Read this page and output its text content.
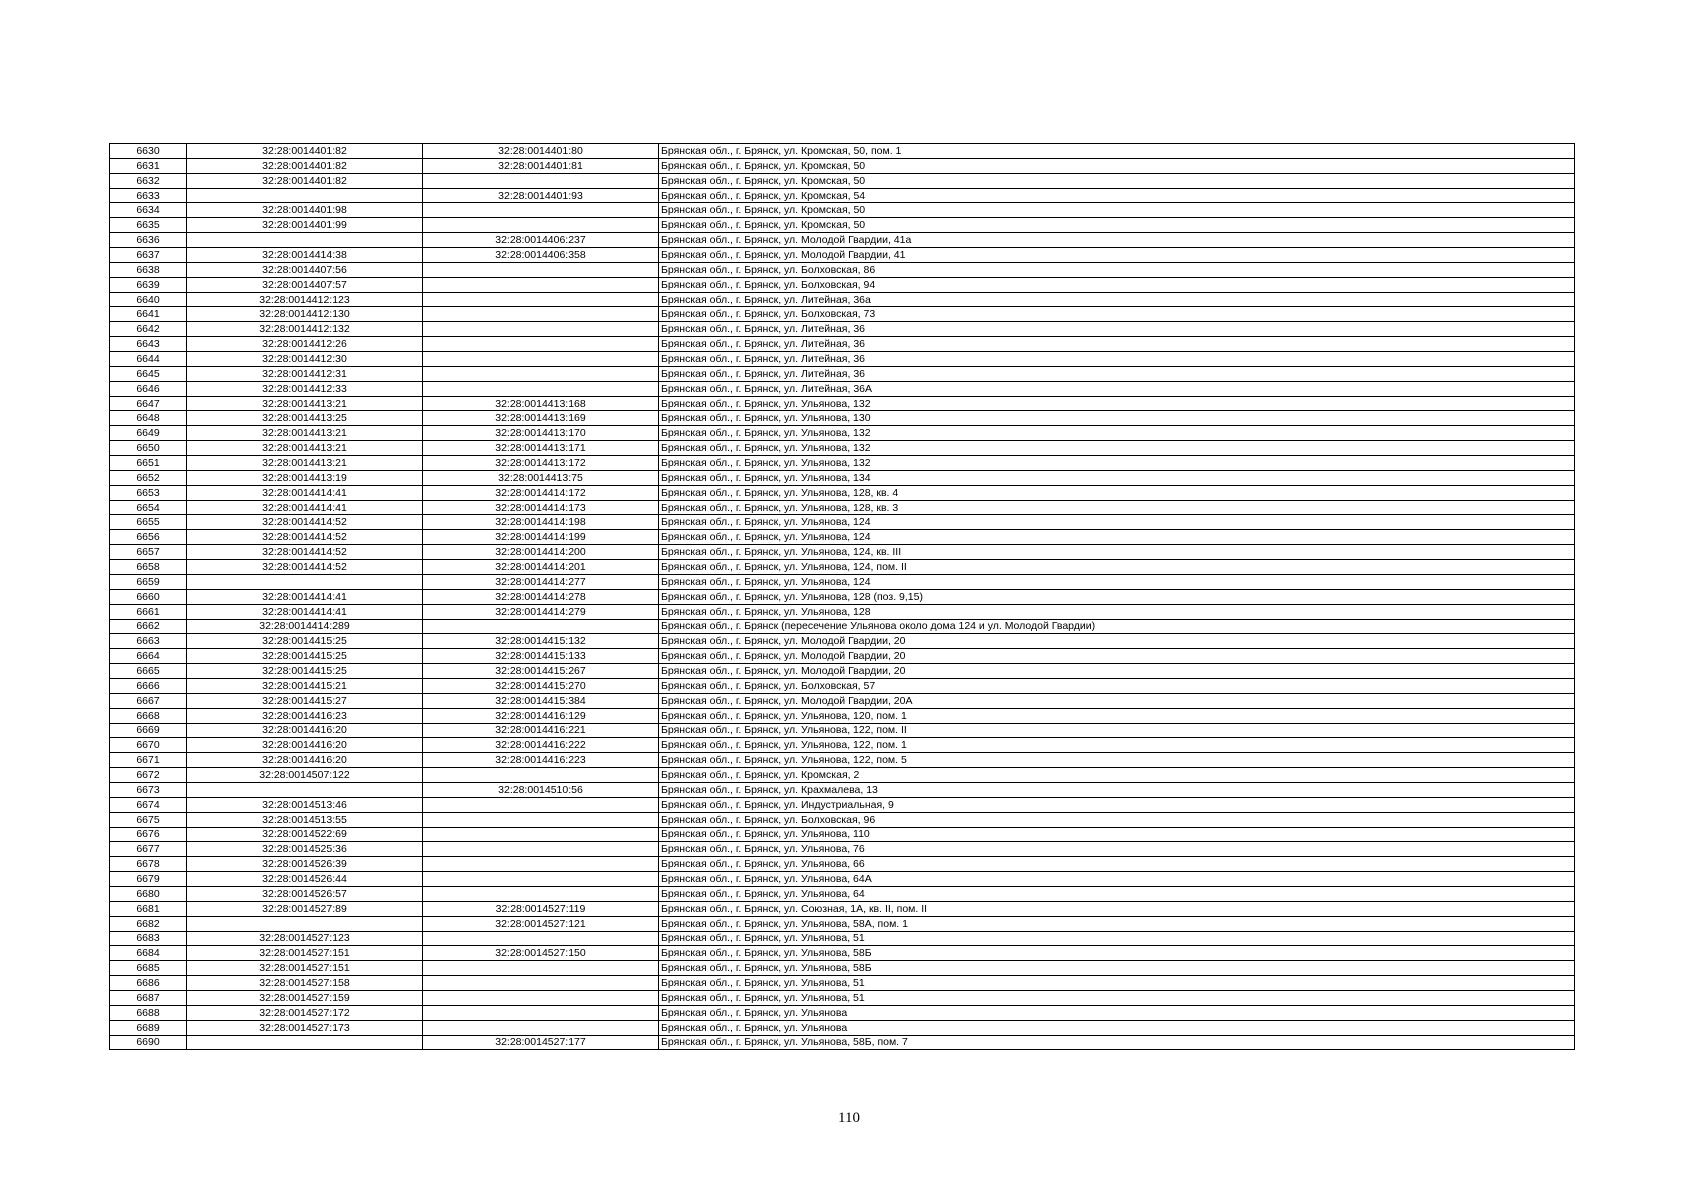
6630	32:28:0014401:82	32:28:0014401:80	Брянская обл., г. Брянск, ул. Кромская, 50, пом. 1
6631	32:28:0014401:82	32:28:0014401:81	Брянская обл., г. Брянск, ул. Кромская, 50
6632	32:28:0014401:82		Брянская обл., г. Брянск, ул. Кромская, 50
6633		32:28:0014401:93	Брянская обл., г. Брянск, ул. Кромская, 54
6634	32:28:0014401:98		Брянская обл., г. Брянск, ул. Кромская, 50
6635	32:28:0014401:99		Брянская обл., г. Брянск, ул. Кромская, 50
6636		32:28:0014406:237	Брянская обл., г. Брянск, ул. Молодой Гвардии, 41а
6637	32:28:0014414:38	32:28:0014406:358	Брянская обл., г. Брянск, ул. Молодой Гвардии, 41
6638	32:28:0014407:56		Брянская обл., г. Брянск, ул. Болховская, 86
6639	32:28:0014407:57		Брянская обл., г. Брянск, ул. Болховская, 94
6640	32:28:0014412:123		Брянская обл., г. Брянск, ул. Литейная, 36а
6641	32:28:0014412:130		Брянская обл., г. Брянск, ул. Болховская, 73
6642	32:28:0014412:132		Брянская обл., г. Брянск, ул. Литейная, 36
6643	32:28:0014412:26		Брянская обл., г. Брянск, ул. Литейная, 36
6644	32:28:0014412:30		Брянская обл., г. Брянск, ул. Литейная, 36
6645	32:28:0014412:31		Брянская обл., г. Брянск, ул. Литейная, 36
6646	32:28:0014412:33		Брянская обл., г. Брянск, ул. Литейная, 36А
6647	32:28:0014413:21	32:28:0014413:168	Брянская обл., г. Брянск, ул. Ульянова, 132
6648	32:28:0014413:25	32:28:0014413:169	Брянская обл., г. Брянск, ул. Ульянова, 130
6649	32:28:0014413:21	32:28:0014413:170	Брянская обл., г. Брянск, ул. Ульянова, 132
6650	32:28:0014413:21	32:28:0014413:171	Брянская обл., г. Брянск, ул. Ульянова, 132
6651	32:28:0014413:21	32:28:0014413:172	Брянская обл., г. Брянск, ул. Ульянова, 132
6652	32:28:0014413:19	32:28:0014413:75	Брянская обл., г. Брянск, ул. Ульянова, 134
6653	32:28:0014414:41	32:28:0014414:172	Брянская обл., г. Брянск, ул. Ульянова, 128, кв. 4
6654	32:28:0014414:41	32:28:0014414:173	Брянская обл., г. Брянск, ул. Ульянова, 128, кв. 3
6655	32:28:0014414:52	32:28:0014414:198	Брянская обл., г. Брянск, ул. Ульянова, 124
6656	32:28:0014414:52	32:28:0014414:199	Брянская обл., г. Брянск, ул. Ульянова, 124
6657	32:28:0014414:52	32:28:0014414:200	Брянская обл., г. Брянск, ул. Ульянова, 124, кв. III
6658	32:28:0014414:52	32:28:0014414:201	Брянская обл., г. Брянск, ул. Ульянова, 124, пом. II
6659		32:28:0014414:277	Брянская обл., г. Брянск, ул. Ульянова, 124
6660	32:28:0014414:41	32:28:0014414:278	Брянская обл., г. Брянск, ул. Ульянова, 128 (поз. 9,15)
6661	32:28:0014414:41	32:28:0014414:279	Брянская обл., г. Брянск, ул. Ульянова, 128
6662	32:28:0014414:289		Брянская обл., г. Брянск (пересечение Ульянова около дома 124 и ул. Молодой Гвардии)
6663	32:28:0014415:25	32:28:0014415:132	Брянская обл., г. Брянск, ул. Молодой Гвардии, 20
6664	32:28:0014415:25	32:28:0014415:133	Брянская обл., г. Брянск, ул. Молодой Гвардии, 20
6665	32:28:0014415:25	32:28:0014415:267	Брянская обл., г. Брянск, ул. Молодой Гвардии, 20
6666	32:28:0014415:21	32:28:0014415:270	Брянская обл., г. Брянск, ул. Болховская, 57
6667	32:28:0014415:27	32:28:0014415:384	Брянская обл., г. Брянск, ул. Молодой Гвардии, 20А
6668	32:28:0014416:23	32:28:0014416:129	Брянская обл., г. Брянск, ул. Ульянова, 120, пом. 1
6669	32:28:0014416:20	32:28:0014416:221	Брянская обл., г. Брянск, ул. Ульянова, 122, пом. II
6670	32:28:0014416:20	32:28:0014416:222	Брянская обл., г. Брянск, ул. Ульянова, 122, пом. 1
6671	32:28:0014416:20	32:28:0014416:223	Брянская обл., г. Брянск, ул. Ульянова, 122, пом. 5
6672	32:28:0014507:122		Брянская обл., г. Брянск, ул. Кромская, 2
6673		32:28:0014510:56	Брянская обл., г. Брянск, ул. Крахмалева, 13
6674	32:28:0014513:46		Брянская обл., г. Брянск, ул. Индустриальная, 9
6675	32:28:0014513:55		Брянская обл., г. Брянск, ул. Болховская, 96
6676	32:28:0014522:69		Брянская обл., г. Брянск, ул. Ульянова, 110
6677	32:28:0014525:36		Брянская обл., г. Брянск, ул. Ульянова, 76
6678	32:28:0014526:39		Брянская обл., г. Брянск, ул. Ульянова, 66
6679	32:28:0014526:44		Брянская обл., г. Брянск, ул. Ульянова, 64А
6680	32:28:0014526:57		Брянская обл., г. Брянск, ул. Ульянова, 64
6681	32:28:0014527:89	32:28:0014527:119	Брянская обл., г. Брянск, ул. Союзная, 1А, кв. II, пом. II
6682		32:28:0014527:121	Брянская обл., г. Брянск, ул. Ульянова, 58А, пом. 1
6683	32:28:0014527:123		Брянская обл., г. Брянск, ул. Ульянова, 51
6684	32:28:0014527:151	32:28:0014527:150	Брянская обл., г. Брянск, ул. Ульянова, 58Б
6685	32:28:0014527:151		Брянская обл., г. Брянск, ул. Ульянова, 58Б
6686	32:28:0014527:158		Брянская обл., г. Брянск, ул. Ульянова, 51
6687	32:28:0014527:159		Брянская обл., г. Брянск, ул. Ульянова, 51
6688	32:28:0014527:172		Брянская обл., г. Брянск, ул. Ульянова
6689	32:28:0014527:173		Брянская обл., г. Брянск, ул. Ульянова
6690		32:28:0014527:177	Брянская обл., г. Брянск, ул. Ульянова, 58Б, пом. 7
110
